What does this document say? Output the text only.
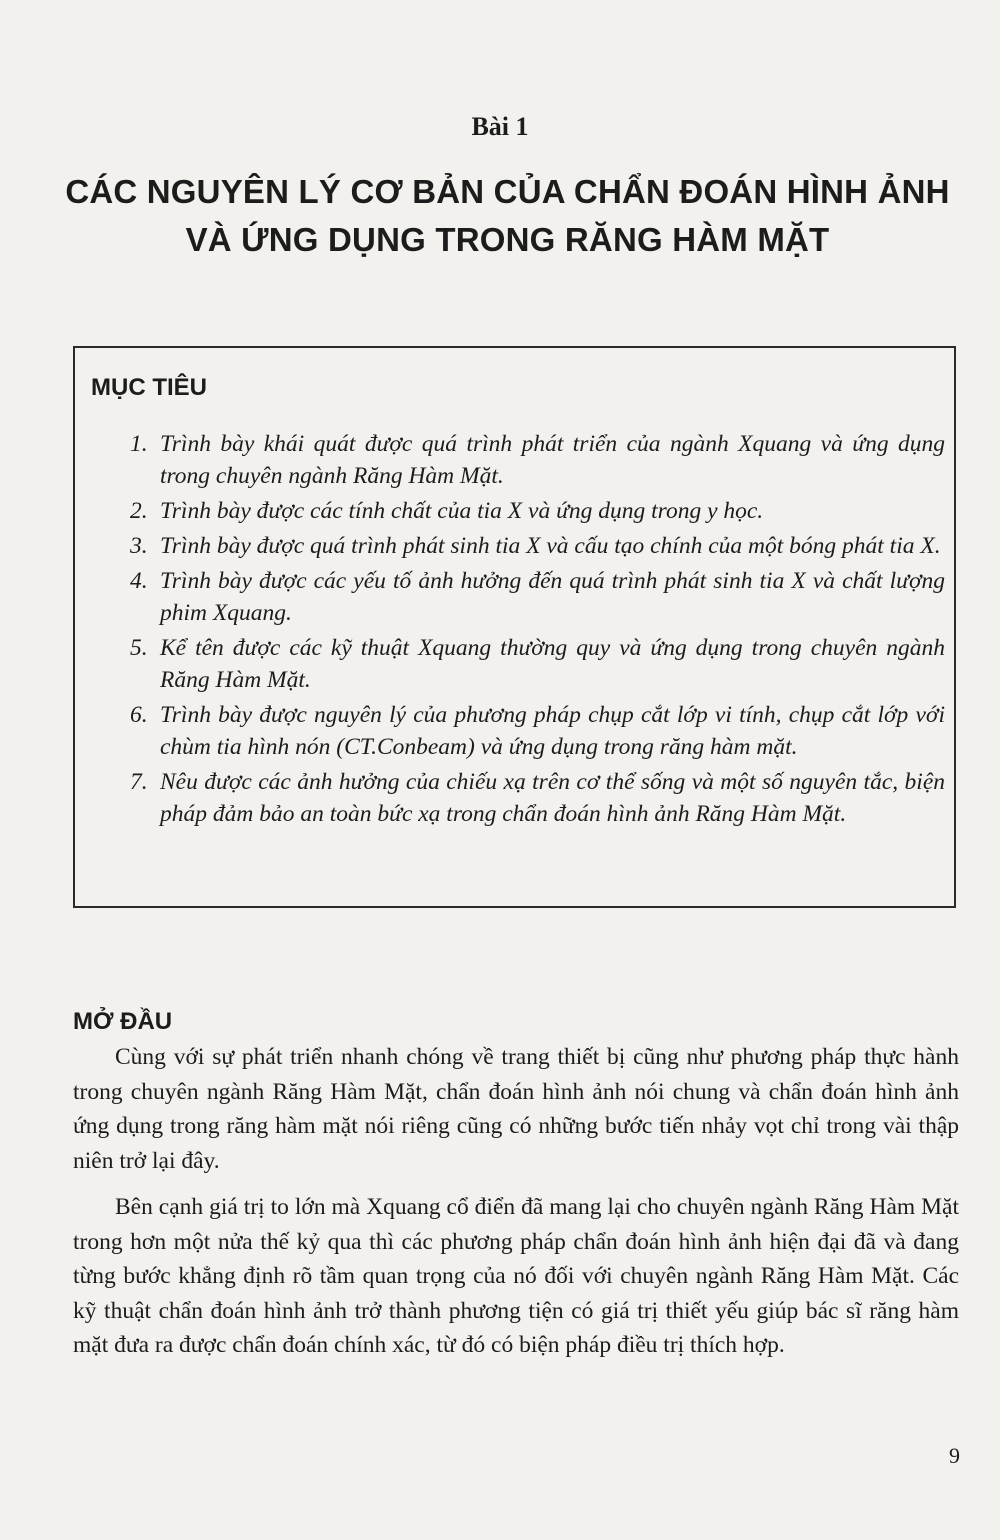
Bài 1
CÁC NGUYÊN LÝ CƠ BẢN CỦA CHẨN ĐOÁN HÌNH ẢNH
VÀ ỨNG DỤNG TRONG RĂNG HÀM MẶT
MỤC TIÊU
1. Trình bày khái quát được quá trình phát triển của ngành Xquang và ứng dụng trong chuyên ngành Răng Hàm Mặt.
2. Trình bày được các tính chất của tia X và ứng dụng trong y học.
3. Trình bày được quá trình phát sinh tia X và cấu tạo chính của một bóng phát tia X.
4. Trình bày được các yếu tố ảnh hưởng đến quá trình phát sinh tia X và chất lượng phim Xquang.
5. Kể tên được các kỹ thuật Xquang thường quy và ứng dụng trong chuyên ngành Răng Hàm Mặt.
6. Trình bày được nguyên lý của phương pháp chụp cắt lớp vi tính, chụp cắt lớp với chùm tia hình nón (CT.Conbeam) và ứng dụng trong răng hàm mặt.
7. Nêu được các ảnh hưởng của chiếu xạ trên cơ thể sống và một số nguyên tắc, biện pháp đảm bảo an toàn bức xạ trong chẩn đoán hình ảnh Răng Hàm Mặt.
MỞ ĐẦU

Cùng với sự phát triển nhanh chóng về trang thiết bị cũng như phương pháp thực hành trong chuyên ngành Răng Hàm Mặt, chẩn đoán hình ảnh nói chung và chẩn đoán hình ảnh ứng dụng trong răng hàm mặt nói riêng cũng có những bước tiến nhảy vọt chỉ trong vài thập niên trở lại đây.

Bên cạnh giá trị to lớn mà Xquang cổ điển đã mang lại cho chuyên ngành Răng Hàm Mặt trong hơn một nửa thế kỷ qua thì các phương pháp chẩn đoán hình ảnh hiện đại đã và đang từng bước khẳng định rõ tầm quan trọng của nó đối với chuyên ngành Răng Hàm Mặt. Các kỹ thuật chẩn đoán hình ảnh trở thành phương tiện có giá trị thiết yếu giúp bác sĩ răng hàm mặt đưa ra được chẩn đoán chính xác, từ đó có biện pháp điều trị thích hợp.

9
